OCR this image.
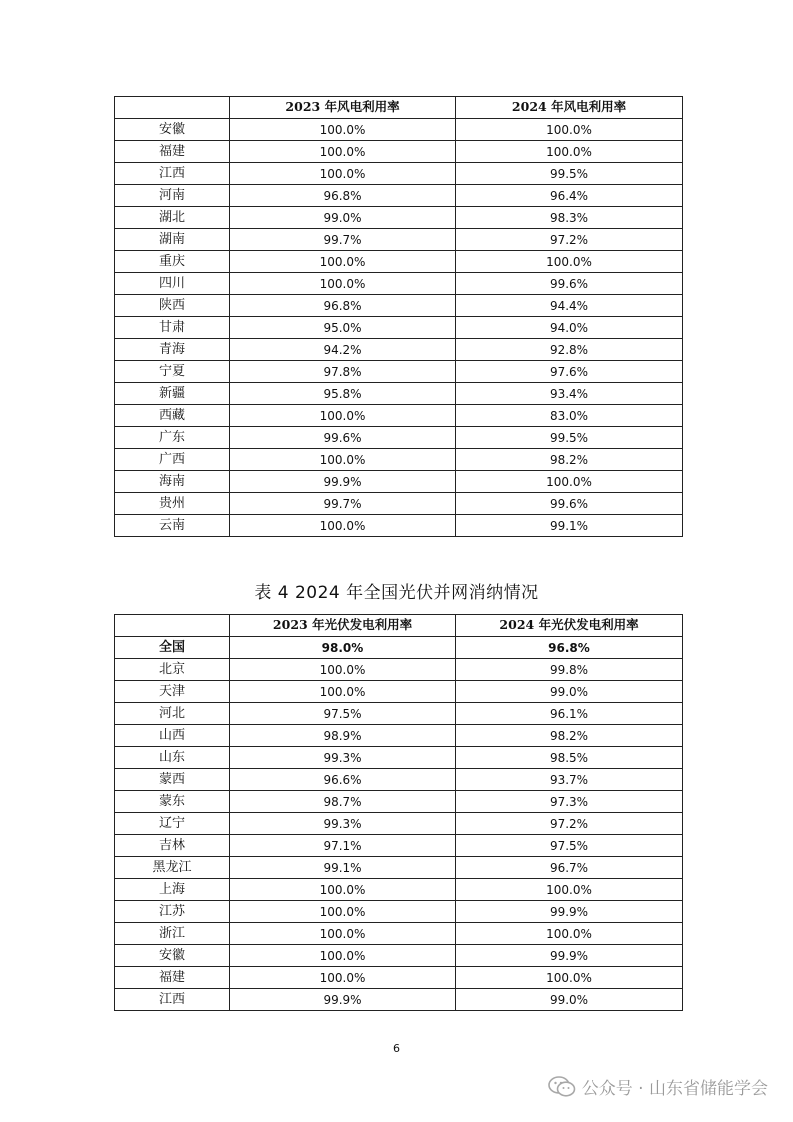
	2023 年风电利用率	2024 年风电利用率
安徽	100.0%	100.0%
福建	100.0%	100.0%
江西	100.0%	99.5%
河南	96.8%	96.4%
湖北	99.0%	98.3%
湖南	99.7%	97.2%
重庆	100.0%	100.0%
四川	100.0%	99.6%
陕西	96.8%	94.4%
甘肃	95.0%	94.0%
青海	94.2%	92.8%
宁夏	97.8%	97.6%
新疆	95.8%	93.4%
西藏	100.0%	83.0%
广东	99.6%	99.5%
广西	100.0%	98.2%
海南	99.9%	100.0%
贵州	99.7%	99.6%
云南	100.0%	99.1%
表 4 2024 年全国光伏并网消纳情况
	2023 年光伏发电利用率	2024 年光伏发电利用率
全国	98.0%	96.8%
北京	100.0%	99.8%
天津	100.0%	99.0%
河北	97.5%	96.1%
山西	98.9%	98.2%
山东	99.3%	98.5%
蒙西	96.6%	93.7%
蒙东	98.7%	97.3%
辽宁	99.3%	97.2%
吉林	97.1%	97.5%
黑龙江	99.1%	96.7%
上海	100.0%	100.0%
江苏	100.0%	99.9%
浙江	100.0%	100.0%
安徽	100.0%	99.9%
福建	100.0%	100.0%
江西	99.9%	99.0%
6
公众号 · 山东省储能学会
